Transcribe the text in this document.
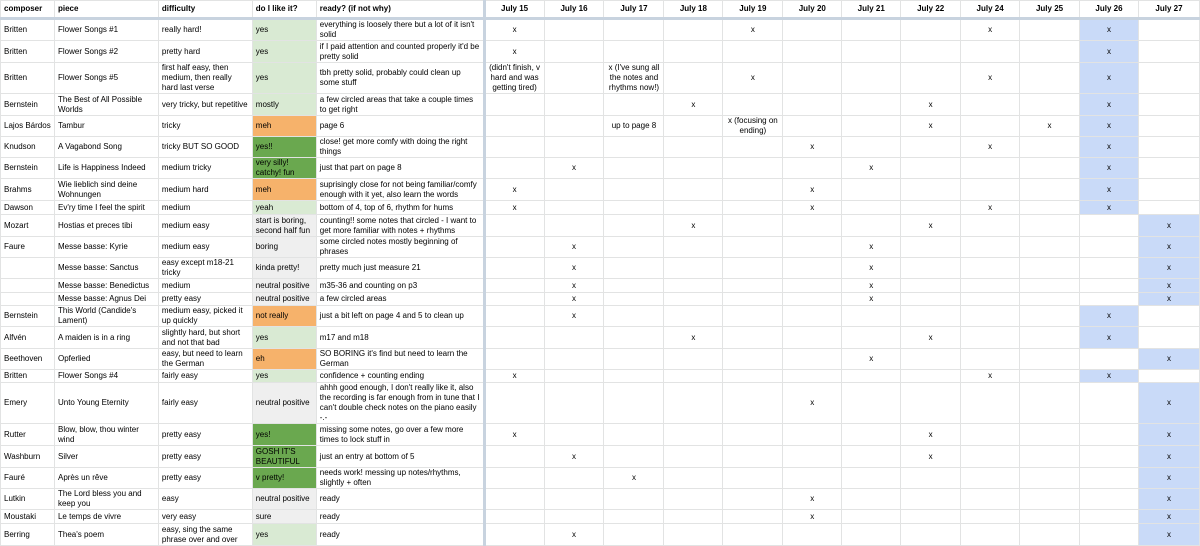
composer	piece	difficulty	do I like it?	ready? (if not why)	July 15	July 16	July 17	July 18	July 19	July 20	July 21	July 22	July 24	July 25	July 26	July 27
Britten	Flower Songs #1	really hard!	yes	everything is loosely there but a lot of it isn't solid	x				x				x		x	
Britten	Flower Songs #2	pretty hard	yes	if I paid attention and counted properly it'd be pretty solid	x										x	
Britten	Flower Songs #5	first half easy, then medium, then really hard last verse	yes	tbh pretty solid, probably could clean up some stuff	(didn't finish, v hard and was getting tired)		x (I've sung all the notes and rhythms now!)		x				x		x	
Bernstein	The Best of All Possible Worlds	very tricky, but repetitive	mostly	a few circled areas that take a couple times to get right				x				x			x	
Lajos Bárdos	Tambur	tricky	meh	page 6			up to page 8		x (focusing on ending)			x		x	x	
Knudson	A Vagabond Song	tricky BUT SO GOOD	yes!!	close! get more comfy with doing the right things						x			x		x	
Bernstein	Life is Happiness Indeed	medium tricky	very silly! catchy! fun	just that part on page 8		x					x				x	
Brahms	Wie lieblich sind deine Wohnungen	medium hard	meh	suprisingly close for not being familiar/comfy enough with it yet, also learn the words	x					x					x	
Dawson	Ev'ry time I feel the spirit	medium	yeah	bottom of 4, top of 6, rhythm for hums	x					x			x		x	
Mozart	Hostias et preces tibi	medium easy	start is boring, second half fun	counting!! some notes that circled - I want to get more familiar with notes + rhythms				x				x				x
Faure	Messe basse: Kyrie	medium easy	boring	some circled notes mostly beginning of phrases		x					x					x
	Messe basse: Sanctus	easy except m18-21 tricky	kinda pretty!	pretty much just measure 21		x					x					x
	Messe basse: Benedictus	medium	neutral positive	m35-36 and counting on p3		x					x					x
	Messe basse: Agnus Dei	pretty easy	neutral positive	a few circled areas		x					x					x
Bernstein	This World (Candide's Lament)	medium easy, picked it up quickly	not really	just a bit left on page 4 and 5 to clean up		x									x	
Alfvén	A maiden is in a ring	slightly hard, but short and not that bad	yes	m17 and m18				x				x			x	
Beethoven	Opferlied	easy, but need to learn the German	eh	SO BORING it's find but need to learn the German							x					x
Britten	Flower Songs #4	fairly easy	yes	confidence + counting ending	x								x		x	
Emery	Unto Young Eternity	fairly easy	neutral positive	ahhh good enough, I don't really like it, also the recording is far enough from in tune that I can't double check notes on the piano easily -.-						x						x
Rutter	Blow, blow, thou winter wind	pretty easy	yes!	missing some notes, go over a few more times to lock stuff in	x							x				x
Washburn	Silver	pretty easy	GOSH IT'S BEAUTIFUL	just an entry at bottom of 5		x						x				x
Fauré	Après un rêve	pretty easy	v pretty!	needs work! messing up notes/rhythms, slightly + often			x									x
Lutkin	The Lord bless you and keep you	easy	neutral positive	ready						x						x
Moustaki	Le temps de vivre	very easy	sure	ready						x						x
Berring	Thea's poem	easy, sing the same phrase over and over	yes	ready		x										x
